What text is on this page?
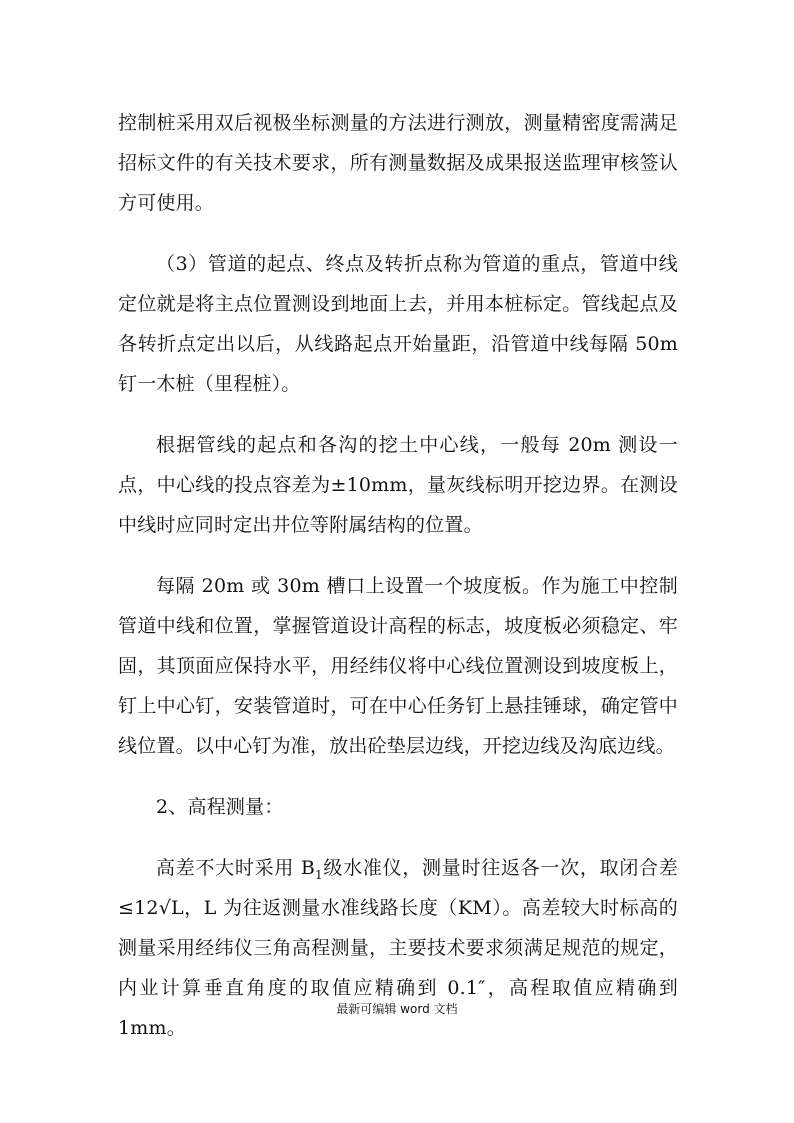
控制桩采用双后视极坐标测量的方法进行测放，测量精密度需满足招标文件的有关技术要求，所有测量数据及成果报送监理审核签认方可使用。

（3）管道的起点、终点及转折点称为管道的重点，管道中线定位就是将主点位置测设到地面上去，并用本桩标定。管线起点及各转折点定出以后，从线路起点开始量距，沿管道中线每隔 50m 钉一木桩（里程桩）。

根据管线的起点和各沟的挖土中心线，一般每 20m 测设一点，中心线的投点容差为±10mm，量灰线标明开挖边界。在测设中线时应同时定出井位等附属结构的位置。

每隔 20m 或 30m 槽口上设置一个坡度板。作为施工中控制管道中线和位置，掌握管道设计高程的标志，坡度板必须稳定、牢固，其顶面应保持水平，用经纬仪将中心线位置测设到坡度板上，钉上中心钉，安装管道时，可在中心任务钉上悬挂锤球，确定管中线位置。以中心钉为准，放出砼垫层边线，开挖边线及沟底边线。

2、高程测量：

高差不大时采用 $B_1$级水准仪，测量时往返各一次，取闭合差≤12√L，L 为往返测量水准线路长度（KM）。高差较大时标高的测量采用经纬仪三角高程测量，主要技术要求须满足规范的规定，内业计算垂直角度的取值应精确到 0.1″，高程取值应精确到 1mm。

最新可编辑 word 文档
